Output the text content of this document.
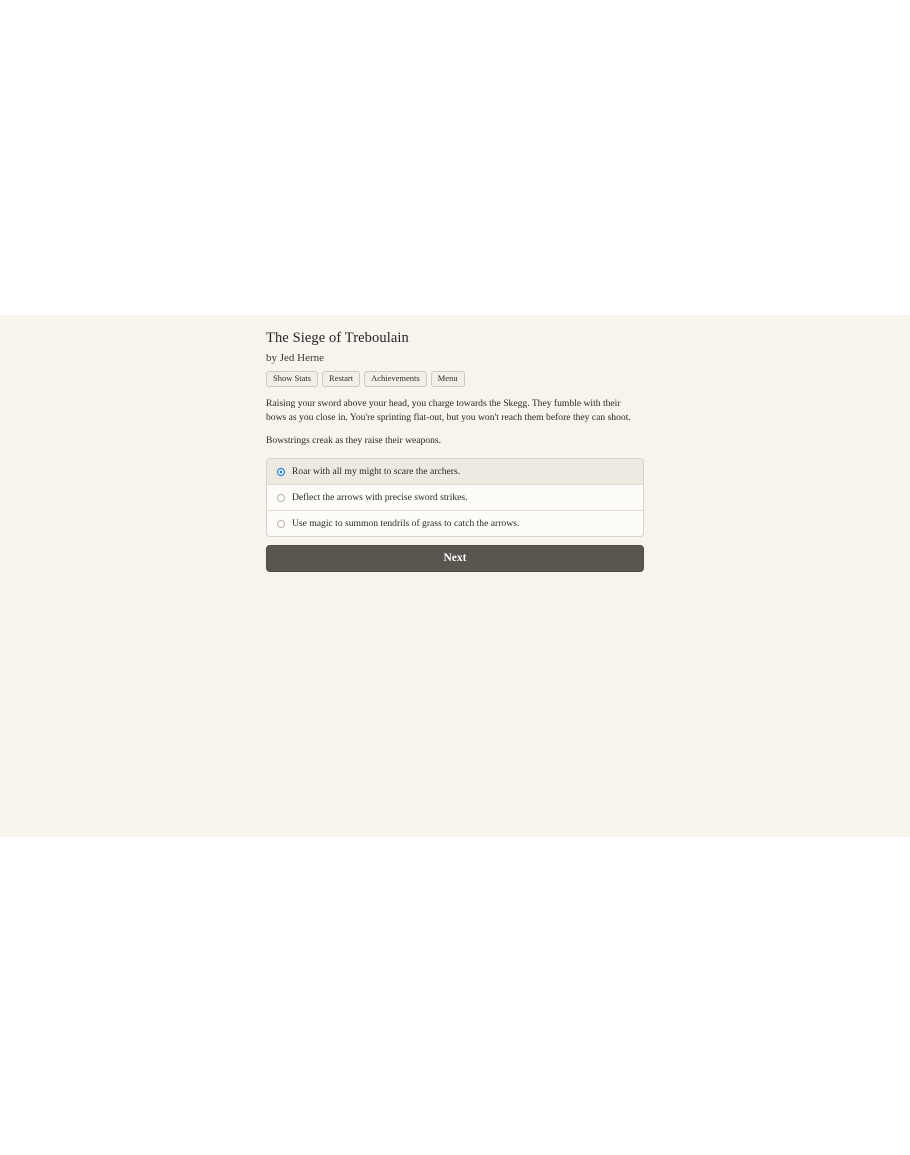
The Siege of Treboulain
by Jed Herne
Show Stats	Restart	Achievements	Menu

Raising your sword above your head, you charge towards the Skegg. They fumble with their bows as you close in. You're sprinting flat-out, but you won't reach them before they can shoot.

Bowstrings creak as they raise their weapons.

Roar with all my might to scare the archers.
Deflect the arrows with precise sword strikes.
Use magic to summon tendrils of grass to catch the arrows.
Next
